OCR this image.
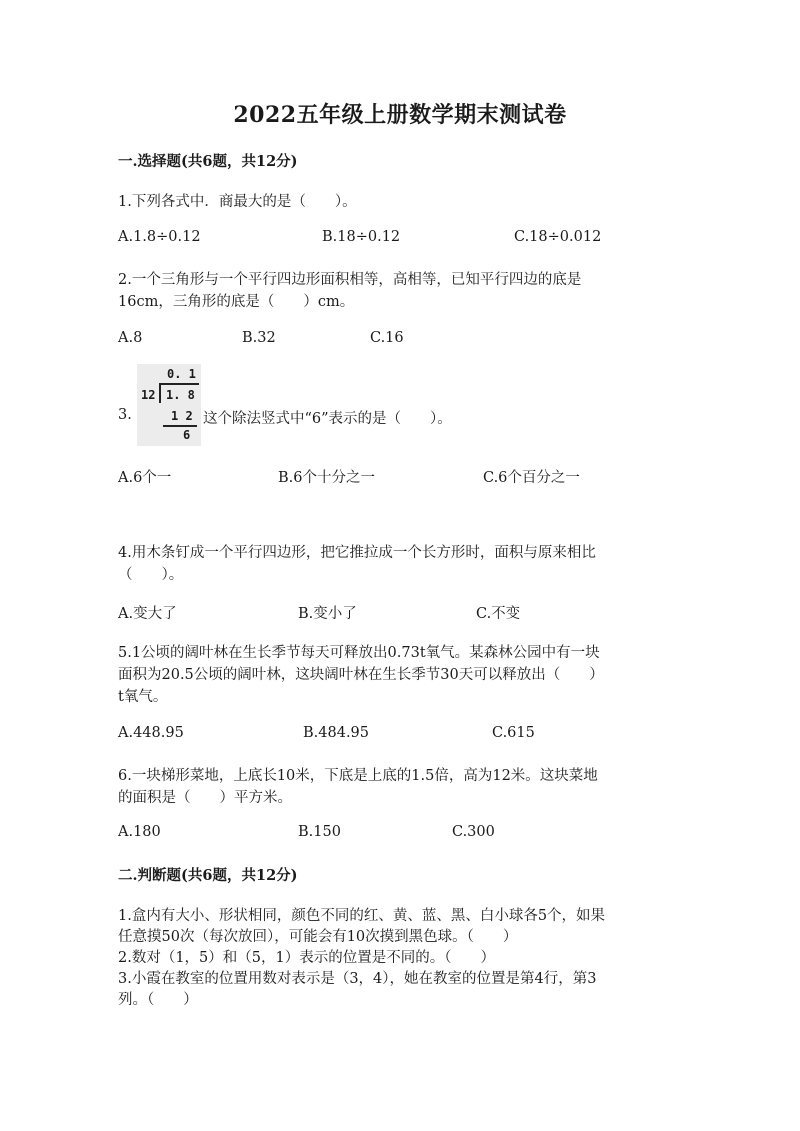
2022五年级上册数学期末测试卷
一.选择题(共6题，共12分)
1.下列各式中．商最大的是（　　）。
A.1.8÷0.12	B.18÷0.12	C.18÷0.012
2.一个三角形与一个平行四边形面积相等，高相等，已知平行四边的底是
16cm，三角形的底是（　　）cm。
A.8	B.32	C.16
3.
0. 1
12 1. 8
1 2
6
这个除法竖式中“6”表示的是（　　）。
A.6个一	B.6个十分之一	C.6个百分之一
4.用木条钉成一个平行四边形，把它推拉成一个长方形时，面积与原来相比
（　　）。
A.变大了	B.变小了	C.不变
5.1公顷的阔叶林在生长季节每天可释放出0.73t氧气。某森林公园中有一块
面积为20.5公顷的阔叶林，这块阔叶林在生长季节30天可以释放出（　　）
t氧气。
A.448.95	B.484.95	C.615
6.一块梯形菜地，上底长10米，下底是上底的1.5倍，高为12米。这块菜地
的面积是（　　）平方米。
A.180	B.150	C.300
二.判断题(共6题，共12分)
1.盒内有大小、形状相同，颜色不同的红、黄、蓝、黑、白小球各5个，如果
任意摸50次（每次放回），可能会有10次摸到黑色球。（　　）
2.数对（1，5）和（5，1）表示的位置是不同的。（　　）
3.小霞在教室的位置用数对表示是（3，4），她在教室的位置是第4行，第3
列。（　　）
